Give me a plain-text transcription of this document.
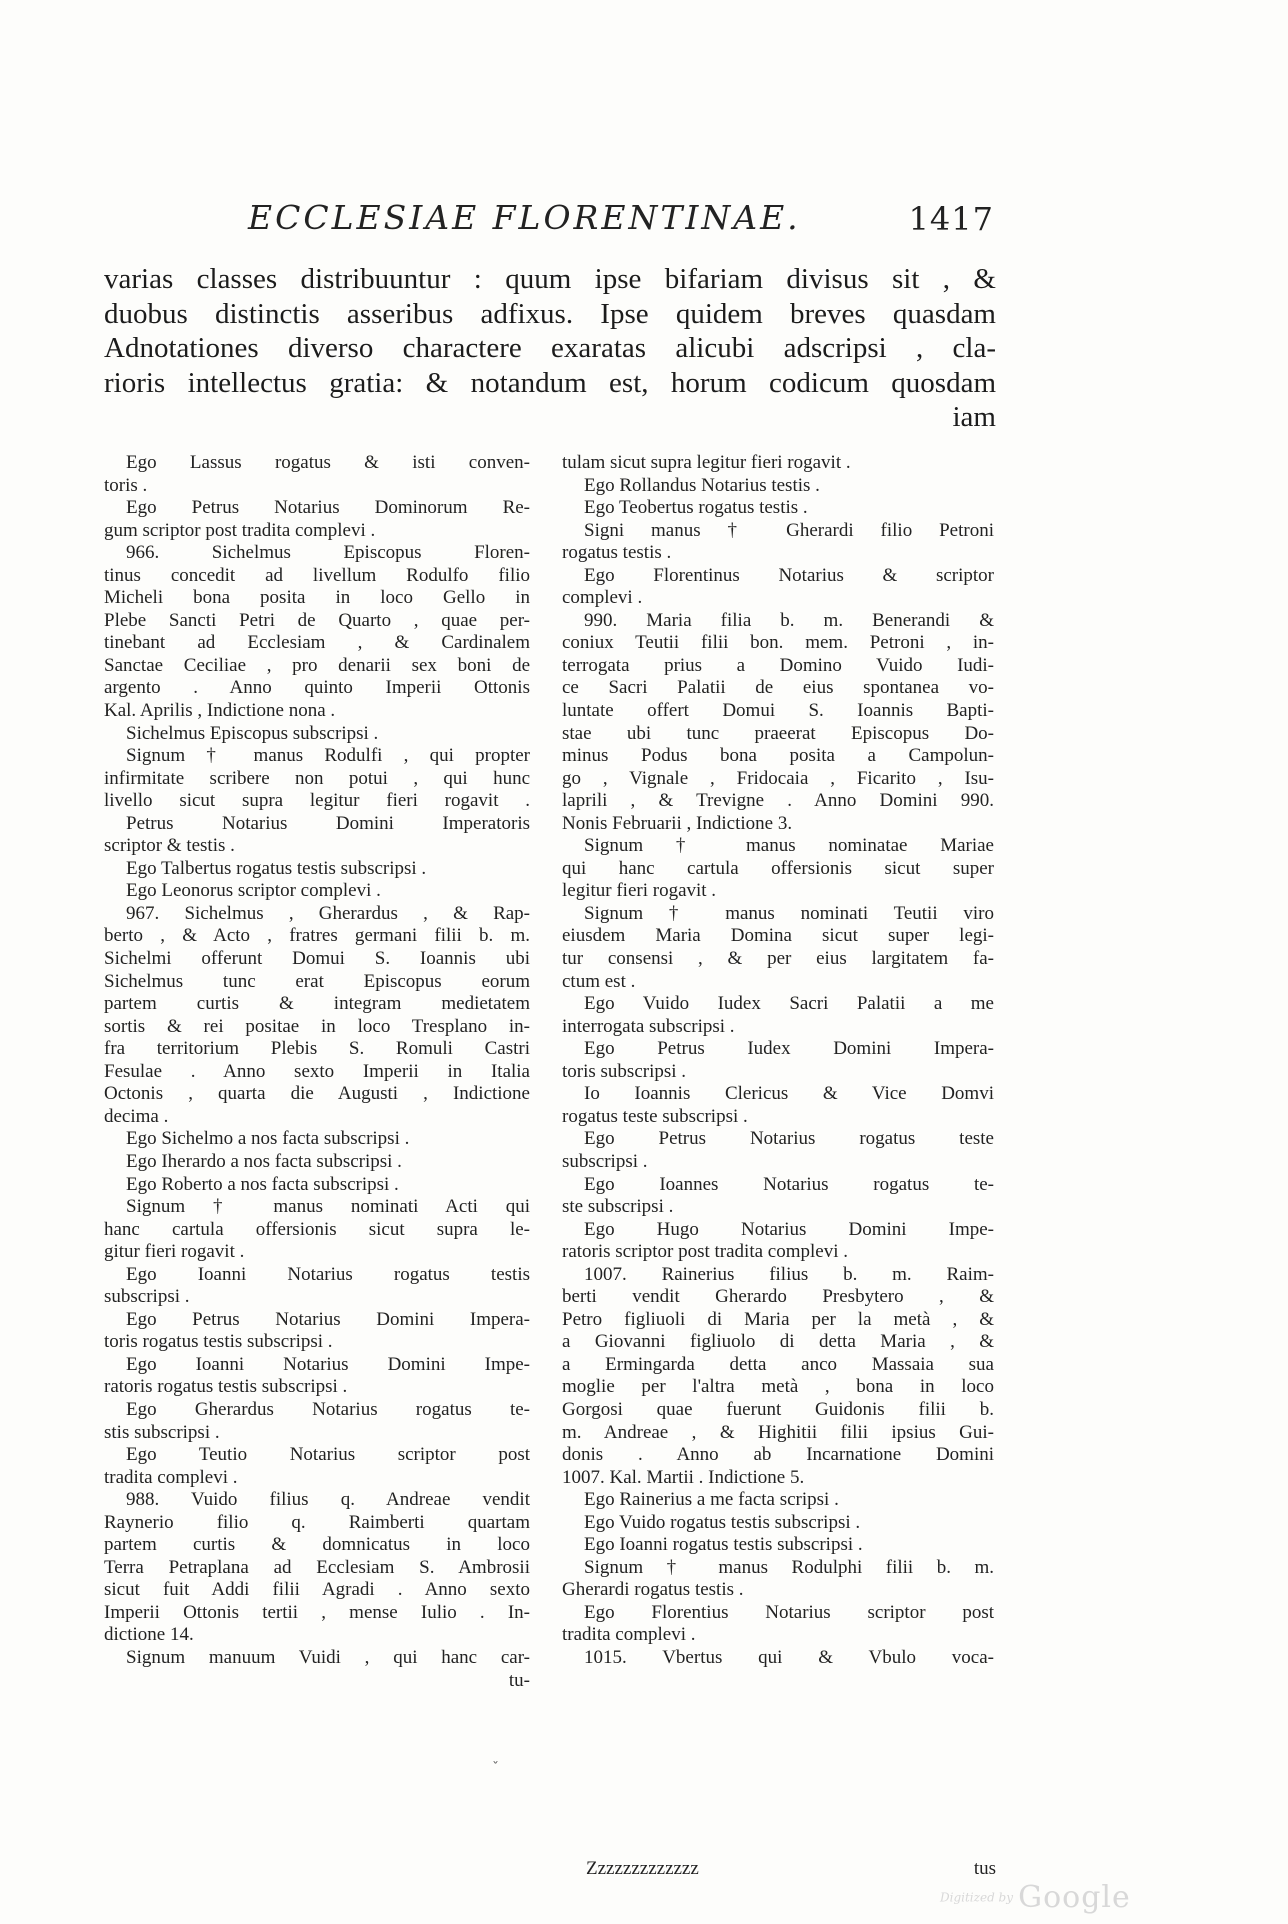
ECCLESIAE FLORENTINAE.	1417
varias classes distribuuntur : quum ipse bifariam divisus sit , &
duobus distinctis asseribus adfixus. Ipse quidem breves quasdam
Adnotationes diverso charactere exaratas alicubi adscripsi , cla-
rioris intellectus gratia: & notandum est, horum codicum quosdam
iam
Ego Lassus rogatus & isti conven-
toris .
Ego Petrus Notarius Dominorum Re-
gum scriptor post tradita complevi .
966. Sichelmus Episcopus Floren-
tinus concedit ad livellum Rodulfo filio
Micheli bona posita in loco Gello in
Plebe Sancti Petri de Quarto , quae per-
tinebant ad Ecclesiam , & Cardinalem
Sanctae Ceciliae , pro denarii sex boni de
argento . Anno quinto Imperii Ottonis
Kal. Aprilis , Indictione nona .
Sichelmus Episcopus subscripsi .
Signum † manus Rodulfi , qui propter
infirmitate scribere non potui , qui hunc
livello sicut supra legitur fieri rogavit .
Petrus Notarius Domini Imperatoris
scriptor & testis .
Ego Talbertus rogatus testis subscripsi .
Ego Leonorus scriptor complevi .
967. Sichelmus , Gherardus , & Rap-
berto , & Acto , fratres germani filii b. m.
Sichelmi offerunt Domui S. Ioannis ubi
Sichelmus tunc erat Episcopus eorum
partem curtis & integram medietatem
sortis & rei positae in loco Tresplano in-
fra territorium Plebis S. Romuli Castri
Fesulae . Anno sexto Imperii in Italia
Octonis , quarta die Augusti , Indictione
decima .
Ego Sichelmo a nos facta subscripsi .
Ego Iherardo a nos facta subscripsi .
Ego Roberto a nos facta subscripsi .
Signum † manus nominati Acti qui
hanc cartula offersionis sicut supra le-
gitur fieri rogavit .
Ego Ioanni Notarius rogatus testis
subscripsi .
Ego Petrus Notarius Domini Impera-
toris rogatus testis subscripsi .
Ego Ioanni Notarius Domini Impe-
ratoris rogatus testis subscripsi .
Ego Gherardus Notarius rogatus te-
stis subscripsi .
Ego Teutio Notarius scriptor post
tradita complevi .
988. Vuido filius q. Andreae vendit
Raynerio filio q. Raimberti quartam
partem curtis & domnicatus in loco
Terra Petraplana ad Ecclesiam S. Ambrosii
sicut fuit Addi filii Agradi . Anno sexto
Imperii Ottonis tertii , mense Iulio . In-
dictione 14.
Signum manuum Vuidi , qui hanc car-
tu-
tulam sicut supra legitur fieri rogavit .
Ego Rollandus Notarius testis .
Ego Teobertus rogatus testis .
Signi manus † Gherardi filio Petroni
rogatus testis .
Ego Florentinus Notarius & scriptor
complevi .
990. Maria filia b. m. Benerandi &
coniux Teutii filii bon. mem. Petroni , in-
terrogata prius a Domino Vuido Iudi-
ce Sacri Palatii de eius spontanea vo-
luntate offert Domui S. Ioannis Bapti-
stae ubi tunc praeerat Episcopus Do-
minus Podus bona posita a Campolun-
go , Vignale , Fridocaia , Ficarito , Isu-
laprili , & Trevigne . Anno Domini 990.
Nonis Februarii , Indictione 3.
Signum † manus nominatae Mariae
qui hanc cartula offersionis sicut super
legitur fieri rogavit .
Signum † manus nominati Teutii viro
eiusdem Maria Domina sicut super legi-
tur consensi , & per eius largitatem fa-
ctum est .
Ego Vuido Iudex Sacri Palatii a me
interrogata subscripsi .
Ego Petrus Iudex Domini Impera-
toris subscripsi .
Io Ioannis Clericus & Vice Domvi
rogatus teste subscripsi .
Ego Petrus Notarius rogatus teste
subscripsi .
Ego Ioannes Notarius rogatus te-
ste subscripsi .
Ego Hugo Notarius Domini Impe-
ratoris scriptor post tradita complevi .
1007. Rainerius filius b. m. Raim-
berti vendit Gherardo Presbytero , &
Petro figliuoli di Maria per la metà , &
a Giovanni figliuolo di detta Maria , &
a Ermingarda detta anco Massaia sua
moglie per l'altra metà , bona in loco
Gorgosi quae fuerunt Guidonis filii b.
m. Andreae , & Highitii filii ipsius Gui-
donis . Anno ab Incarnatione Domini
1007. Kal. Martii . Indictione 5.
Ego Rainerius a me facta scripsi .
Ego Vuido rogatus testis subscripsi .
Ego Ioanni rogatus testis subscripsi .
Signum † manus Rodulphi filii b. m.
Gherardi rogatus testis .
Ego Florentius Notarius scriptor post
tradita complevi .
1015. Vbertus qui & Vbulo voca-
Zzzzzzzzzzzzz	tus
ˇ
Digitized by Google
